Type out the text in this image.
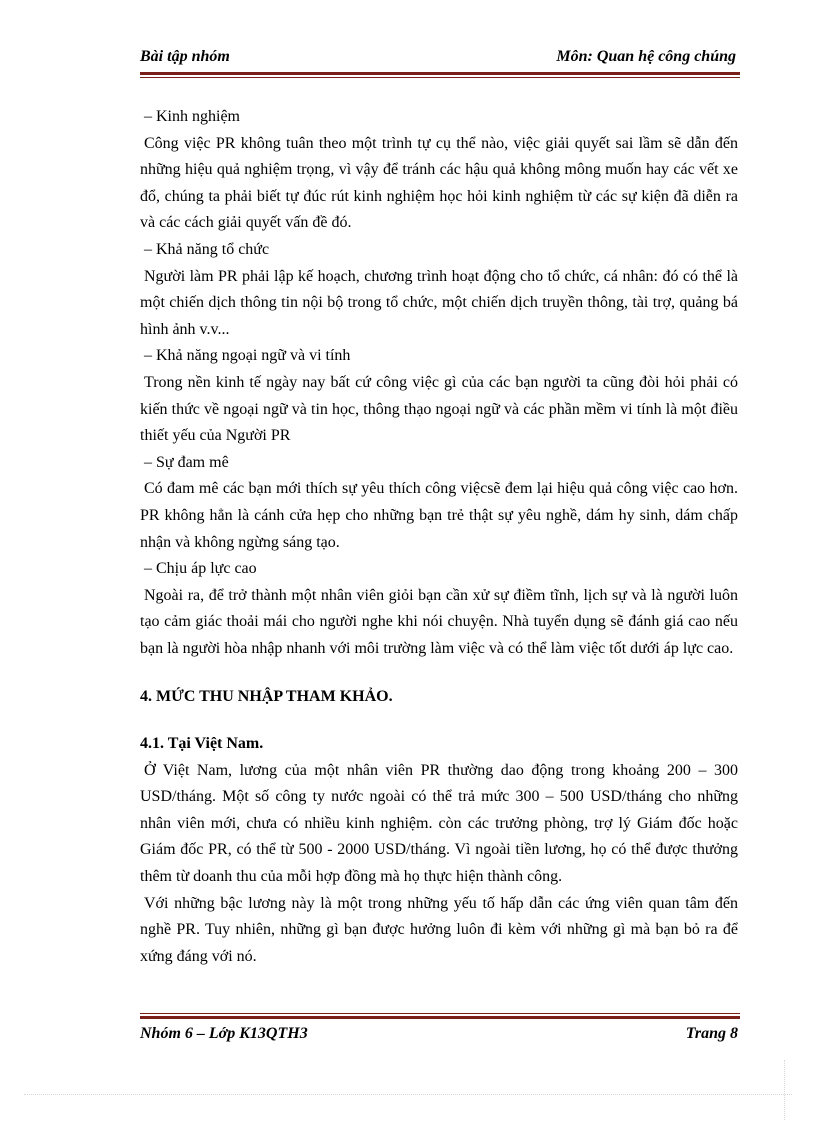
Bài tập nhóm	Môn: Quan hệ công chúng

– Kinh nghiệm

Công việc PR không tuân theo một trình tự cụ thể nào, việc giải quyết sai lầm sẽ dẫn đến những hiệu quả nghiệm trọng, vì vậy để tránh các hậu quả không mông muốn hay các vết xe đổ, chúng ta phải biết tự đúc rút kinh nghiệm học hỏi kinh nghiệm từ các sự kiện đã diễn ra và các cách giải quyết vấn đề đó.

– Khả năng tổ chức

Người làm PR phải lập kế hoạch, chương trình hoạt động cho tổ chức, cá nhân: đó có thể là một chiến dịch thông tin nội bộ trong tổ chức, một chiến dịch truyền thông, tài trợ, quảng bá hình ảnh v.v...

– Khả năng ngoại ngữ và vi tính

Trong nền kinh tế ngày nay bất cứ công việc gì của các bạn người ta cũng đòi hỏi phải có kiến thức về ngoại ngữ và tin học, thông thạo ngoại ngữ và các phần mềm vi tính là một điều thiết yếu của Người PR

– Sự đam mê

Có đam mê các bạn mới thích sự yêu thích công việcsẽ đem lại hiệu quả công việc cao hơn. PR không hẳn là cánh cửa hẹp cho những bạn trẻ thật sự yêu nghề, dám hy sinh, dám chấp nhận và không ngừng sáng tạo.

– Chịu áp lực cao

Ngoài ra, để trở thành một nhân viên giỏi bạn cần xử sự điềm tĩnh, lịch sự và là người luôn tạo cảm giác thoải mái cho người nghe khi nói chuyện. Nhà tuyển dụng sẽ đánh giá cao nếu bạn là người hòa nhập nhanh với môi trường làm việc và có thể làm việc tốt dưới áp lực cao.

4. MỨC THU NHẬP THAM KHẢO.

4.1. Tại Việt Nam.

Ở Việt Nam, lương của một nhân viên PR thường dao động trong khoảng 200 – 300 USD/tháng. Một số công ty nước ngoài có thể trả mức 300 – 500 USD/tháng cho những nhân viên mới, chưa có nhiều kinh nghiệm. còn các trưởng phòng, trợ lý Giám đốc hoặc Giám đốc PR, có thể từ 500 - 2000 USD/tháng. Vì ngoài tiền lương, họ có thể được thưởng thêm từ doanh thu của mỗi hợp đồng mà họ thực hiện thành công.

Với những bậc lương này là một trong những yếu tố hấp dẫn các ứng viên quan tâm đến nghề PR. Tuy nhiên, những gì bạn được hưởng luôn đi kèm với những gì mà bạn bỏ ra để xứng đáng với nó.

Nhóm 6 – Lớp K13QTH3	Trang 8
